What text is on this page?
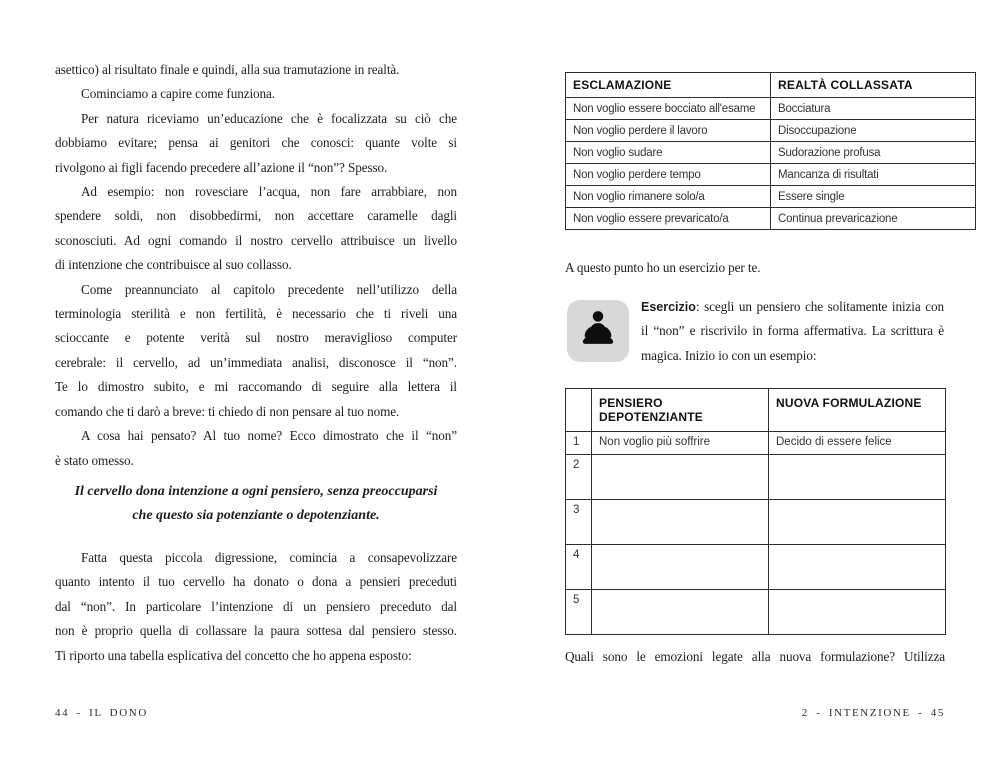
asettico) al risultato finale e quindi, alla sua tramutazione in realtà.
Cominciamo a capire come funziona.
Per natura riceviamo un’educazione che è focalizzata su ciò che
dobbiamo evitare; pensa ai genitori che conosci: quante volte si
rivolgono ai figli facendo precedere all’azione il “non”? Spesso.
Ad esempio: non rovesciare l’acqua, non fare arrabbiare, non
spendere soldi, non disobbedirmi, non accettare caramelle dagli
sconosciuti. Ad ogni comando il nostro cervello attribuisce un livello
di intenzione che contribuisce al suo collasso.
Come preannunciato al capitolo precedente nell’utilizzo della
terminologia sterilità e non fertilità, è necessario che ti riveli una
scioccante e potente verità sul nostro meraviglioso computer
cerebrale: il cervello, ad un’immediata analisi, disconosce il “non”.
Te lo dimostro subito, e mi raccomando di seguire alla lettera il
comando che ti darò a breve: ti chiedo di non pensare al tuo nome.
A cosa hai pensato? Al tuo nome? Ecco dimostrato che il “non”
è stato omesso.
Il cervello dona intenzione a ogni pensiero, senza preoccuparsi
che questo sia potenziante o depotenziante.
Fatta questa piccola digressione, comincia a consapevolizzare
quanto intento il tuo cervello ha donato o dona a pensieri preceduti
dal “non”. In particolare l’intenzione di un pensiero preceduto dal
non è proprio quella di collassare la paura sottesa dal pensiero stesso.
Ti riporto una tabella esplicativa del concetto che ho appena esposto:
ESCLAMAZIONE	REALTÀ COLLASSATA
Non voglio essere bocciato all'esame	Bocciatura
Non voglio perdere il lavoro	Disoccupazione
Non voglio sudare	Sudorazione profusa
Non voglio perdere tempo	Mancanza di risultati
Non voglio rimanere solo/a	Essere single
Non voglio essere prevaricato/a	Continua prevaricazione
A questo punto ho un esercizio per te.
Esercizio: scegli un pensiero che solitamente inizia con il “non” e riscrivilo in forma affermativa. La scrittura è magica. Inizio io con un esempio:
	PENSIERO DEPOTENZIANTE	NUOVA FORMULAZIONE
1	Non voglio più soffrire	Decido di essere felice
2		
3		
4		
5		
Quali sono le emozioni legate alla nuova formulazione? Utilizza
44 - IL DONO	2 - INTENZIONE - 45
